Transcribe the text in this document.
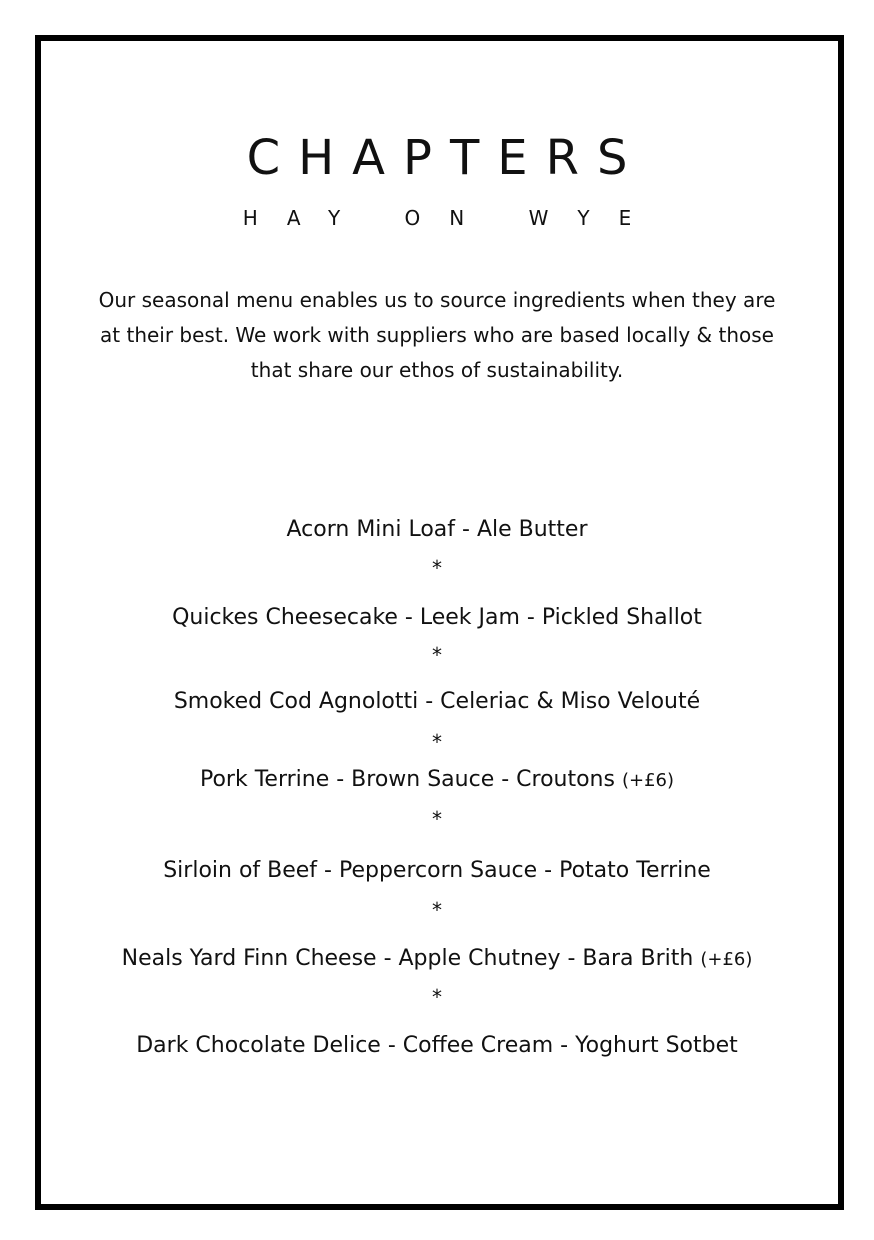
CHAPTERS
HAY ON WYE
Our seasonal menu enables us to source ingredients when they are at their best. We work with suppliers who are based locally & those that share our ethos of sustainability.
Acorn Mini Loaf - Ale Butter
*
Quickes Cheesecake - Leek Jam - Pickled Shallot
*
Smoked Cod Agnolotti - Celeriac & Miso Velouté
*
Pork Terrine - Brown Sauce - Croutons (+£6)
*
Sirloin of Beef - Peppercorn Sauce - Potato Terrine
*
Neals Yard Finn Cheese - Apple Chutney - Bara Brith (+£6)
*
Dark Chocolate Delice - Coffee Cream - Yoghurt Sotbet
